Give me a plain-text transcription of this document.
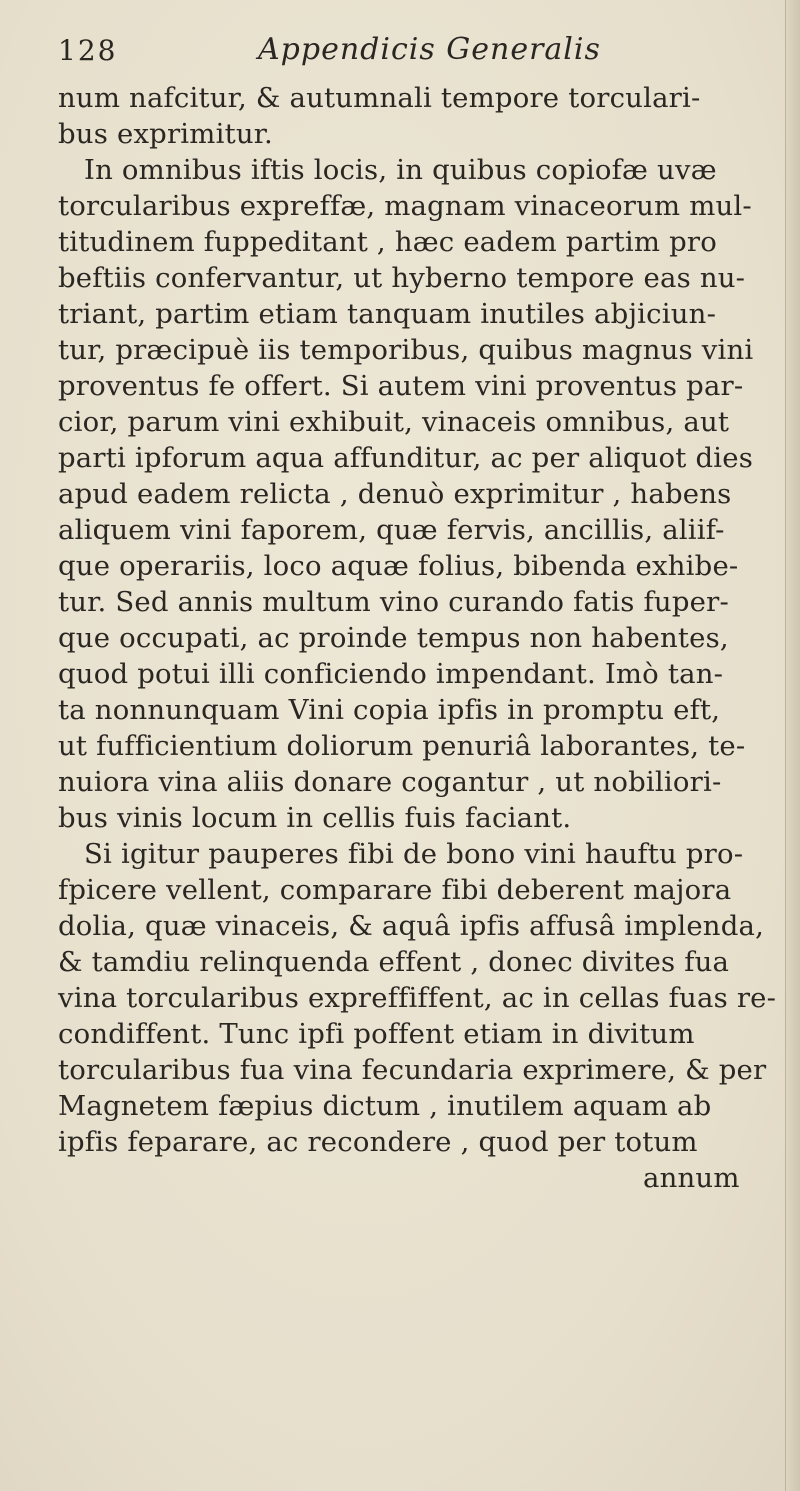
128	Appendicis Generalis
num nafcitur, & autumnali tempore torculari-
bus exprimitur.
In omnibus iftis locis, in quibus copiofæ uvæ
torcularibus expreffæ, magnam vinaceorum mul-
titudinem fuppeditant , hæc eadem partim pro
beftiis confervantur, ut hyberno tempore eas nu-
triant, partim etiam tanquam inutiles abjiciun-
tur, præcipuè iis temporibus, quibus magnus vini
proventus fe offert. Si autem vini proventus par-
cior, parum vini exhibuit, vinaceis omnibus, aut
parti ipforum aqua affunditur, ac per aliquot dies
apud eadem relicta , denuò exprimitur , habens
aliquem vini faporem, quæ fervis, ancillis, aliif-
que operariis, loco aquæ folius, bibenda exhibe-
tur. Sed annis multum vino curando fatis fuper-
que occupati, ac proinde tempus non habentes,
quod potui illi conficiendo impendant. Imò tan-
ta nonnunquam Vini copia ipfis in promptu eft,
ut fufficientium doliorum penuriâ laborantes, te-
nuiora vina aliis donare cogantur , ut nobiliori-
bus vinis locum in cellis fuis faciant.
Si igitur pauperes fibi de bono vini hauftu pro-
fpicere vellent, comparare fibi deberent majora
dolia, quæ vinaceis, & aquâ ipfis affusâ implenda,
& tamdiu relinquenda effent , donec divites fua
vina torcularibus expreffiffent, ac in cellas fuas re-
condiffent. Tunc ipfi poffent etiam in divitum
torcularibus fua vina fecundaria exprimere, & per
Magnetem fæpius dictum , inutilem aquam ab
ipfis feparare, ac recondere , quod per totum
annum
